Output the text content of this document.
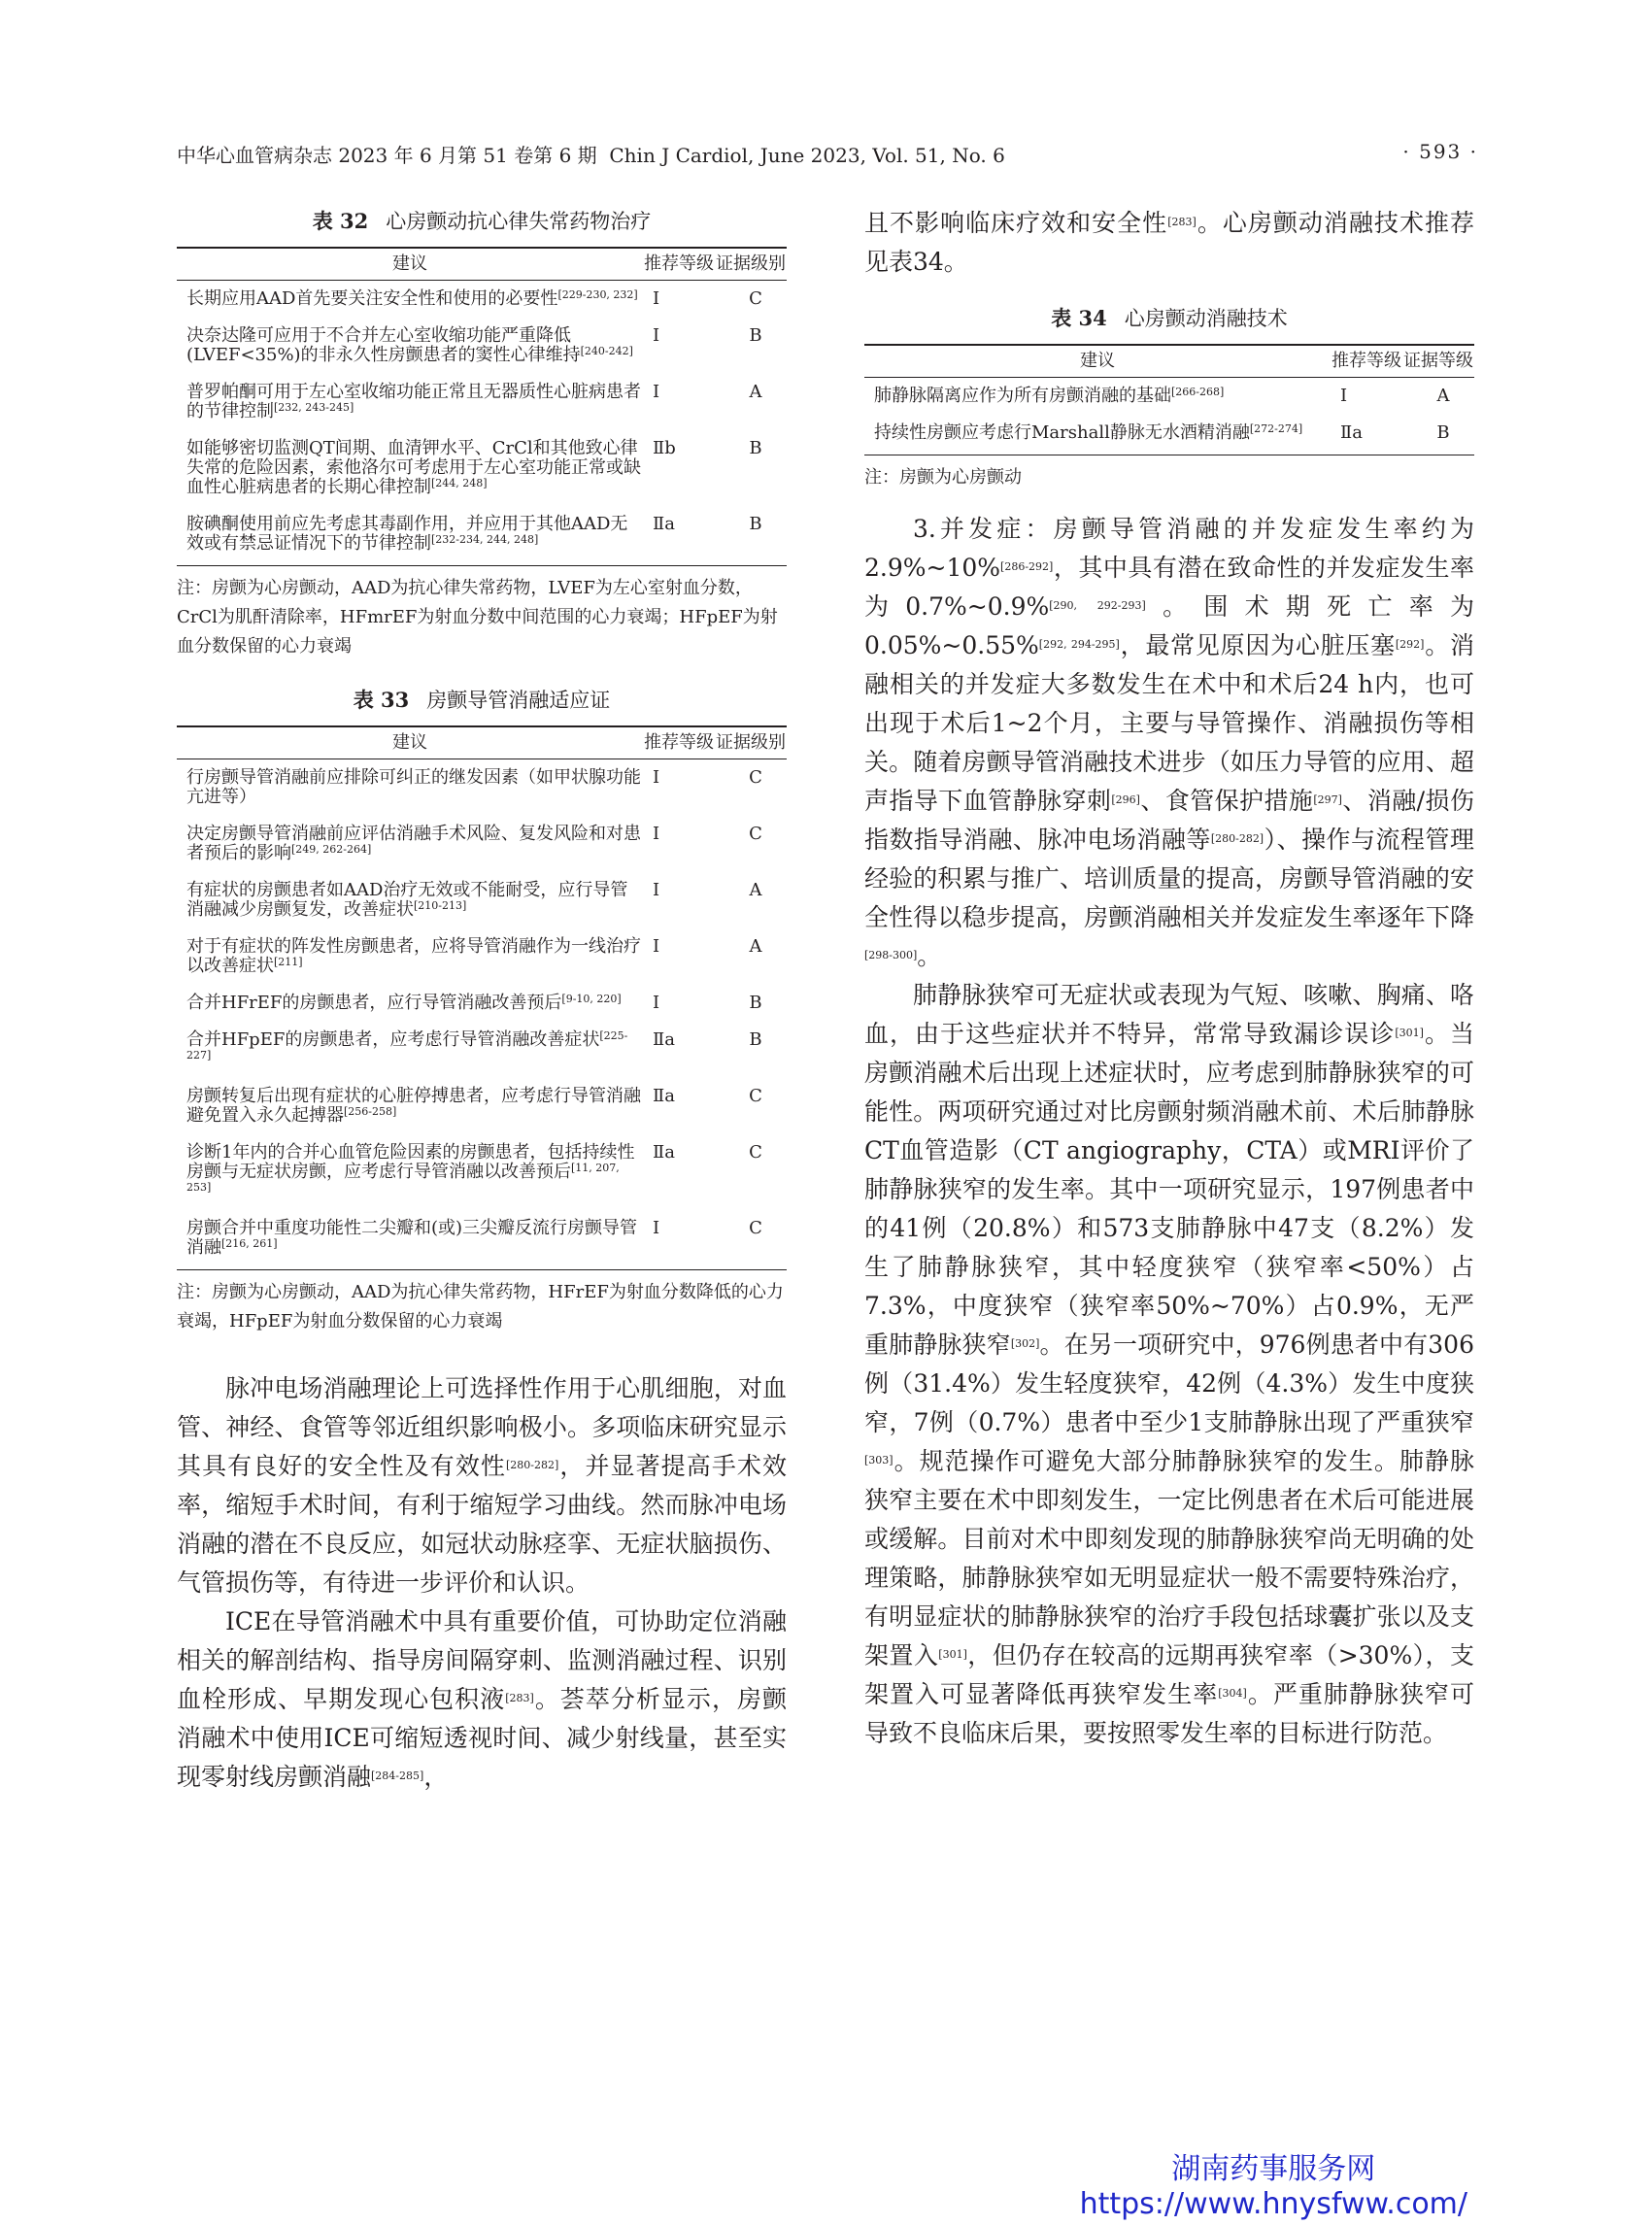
中华心血管病杂志 2023 年 6 月第 51 卷第 6 期 Chin J Cardiol, June 2023, Vol. 51, No. 6	· 593 ·
表 32 心房颤动抗心律失常药物治疗
建议	推荐等级	证据级别
长期应用AAD首先要关注安全性和使用的必要性[229-230, 232]	Ⅰ	C
决奈达隆可应用于不合并左心室收缩功能严重降低(LVEF<35%)的非永久性房颤患者的窦性心律维持[240-242]	Ⅰ	B
普罗帕酮可用于左心室收缩功能正常且无器质性心脏病患者的节律控制[232, 243-245]	Ⅰ	A
如能够密切监测QT间期、血清钾水平、CrCl和其他致心律失常的危险因素，索他洛尔可考虑用于左心室功能正常或缺血性心脏病患者的长期心律控制[244, 248]	Ⅱb	B
胺碘酮使用前应先考虑其毒副作用，并应用于其他AAD无效或有禁忌证情况下的节律控制[232-234, 244, 248]	Ⅱa	B
注：房颤为心房颤动，AAD为抗心律失常药物，LVEF为左心室射血分数，CrCl为肌酐清除率，HFmrEF为射血分数中间范围的心力衰竭；HFpEF为射血分数保留的心力衰竭		
表 33 房颤导管消融适应证
建议	推荐等级	证据级别
行房颤导管消融前应排除可纠正的继发因素（如甲状腺功能亢进等）	Ⅰ	C
决定房颤导管消融前应评估消融手术风险、复发风险和对患者预后的影响[249, 262-264]	Ⅰ	C
有症状的房颤患者如AAD治疗无效或不能耐受，应行导管消融减少房颤复发，改善症状[210-213]	Ⅰ	A
对于有症状的阵发性房颤患者，应将导管消融作为一线治疗以改善症状[211]	Ⅰ	A
合并HFrEF的房颤患者，应行导管消融改善预后[9-10, 220]	Ⅰ	B
合并HFpEF的房颤患者，应考虑行导管消融改善症状[225-227]	Ⅱa	B
房颤转复后出现有症状的心脏停搏患者，应考虑行导管消融避免置入永久起搏器[256-258]	Ⅱa	C
诊断1年内的合并心血管危险因素的房颤患者，包括持续性房颤与无症状房颤，应考虑行导管消融以改善预后[11, 207, 253]	Ⅱa	C
房颤合并中重度功能性二尖瓣和(或)三尖瓣反流行房颤导管消融[216, 261]	Ⅰ	C
注：房颤为心房颤动，AAD为抗心律失常药物，HFrEF为射血分数降低的心力衰竭，HFpEF为射血分数保留的心力衰竭		

脉冲电场消融理论上可选择性作用于心肌细胞，对血管、神经、食管等邻近组织影响极小。多项临床研究显示其具有良好的安全性及有效性[280-282]，并显著提高手术效率，缩短手术时间，有利于缩短学习曲线。然而脉冲电场消融的潜在不良反应，如冠状动脉痉挛、无症状脑损伤、气管损伤等，有待进一步评价和认识。

ICE在导管消融术中具有重要价值，可协助定位消融相关的解剖结构、指导房间隔穿刺、监测消融过程、识别血栓形成、早期发现心包积液[283]。荟萃分析显示，房颤消融术中使用ICE可缩短透视时间、减少射线量，甚至实现零射线房颤消融[284-285]，

且不影响临床疗效和安全性[283]。心房颤动消融技术推荐见表34。

表 34 心房颤动消融技术
建议	推荐等级	证据等级
肺静脉隔离应作为所有房颤消融的基础[266-268]	Ⅰ	A
持续性房颤应考虑行Marshall静脉无水酒精消融[272-274]	Ⅱa	B
注：房颤为心房颤动		

3.并发症：房颤导管消融的并发症发生率约为2.9%~10%[286-292]，其中具有潜在致命性的并发症发生率为0.7%~0.9%[290, 292-293]。围术期死亡率为0.05%~0.55%[292, 294-295]，最常见原因为心脏压塞[292]。消融相关的并发症大多数发生在术中和术后24 h内，也可出现于术后1~2个月，主要与导管操作、消融损伤等相关。随着房颤导管消融技术进步（如压力导管的应用、超声指导下血管静脉穿刺[296]、食管保护措施[297]、消融/损伤指数指导消融、脉冲电场消融等[280-282]）、操作与流程管理经验的积累与推广、培训质量的提高，房颤导管消融的安全性得以稳步提高，房颤消融相关并发症发生率逐年下降[298-300]。

肺静脉狭窄可无症状或表现为气短、咳嗽、胸痛、咯血，由于这些症状并不特异，常常导致漏诊误诊[301]。当房颤消融术后出现上述症状时，应考虑到肺静脉狭窄的可能性。两项研究通过对比房颤射频消融术前、术后肺静脉CT血管造影（CT angiography，CTA）或MRI评价了肺静脉狭窄的发生率。其中一项研究显示，197例患者中的41例（20.8%）和573支肺静脉中47支（8.2%）发生了肺静脉狭窄，其中轻度狭窄（狭窄率<50%）占7.3%，中度狭窄（狭窄率50%~70%）占0.9%，无严重肺静脉狭窄[302]。在另一项研究中，976例患者中有306例（31.4%）发生轻度狭窄，42例（4.3%）发生中度狭窄，7例（0.7%）患者中至少1支肺静脉出现了严重狭窄[303]。规范操作可避免大部分肺静脉狭窄的发生。肺静脉狭窄主要在术中即刻发生，一定比例患者在术后可能进展或缓解。目前对术中即刻发现的肺静脉狭窄尚无明确的处理策略，肺静脉狭窄如无明显症状一般不需要特殊治疗，有明显症状的肺静脉狭窄的治疗手段包括球囊扩张以及支架置入[301]，但仍存在较高的远期再狭窄率（>30%），支架置入可显著降低再狭窄发生率[304]。严重肺静脉狭窄可导致不良临床后果，要按照零发生率的目标进行防范。

湖南药事服务网
https://www.hnysfww.com/
